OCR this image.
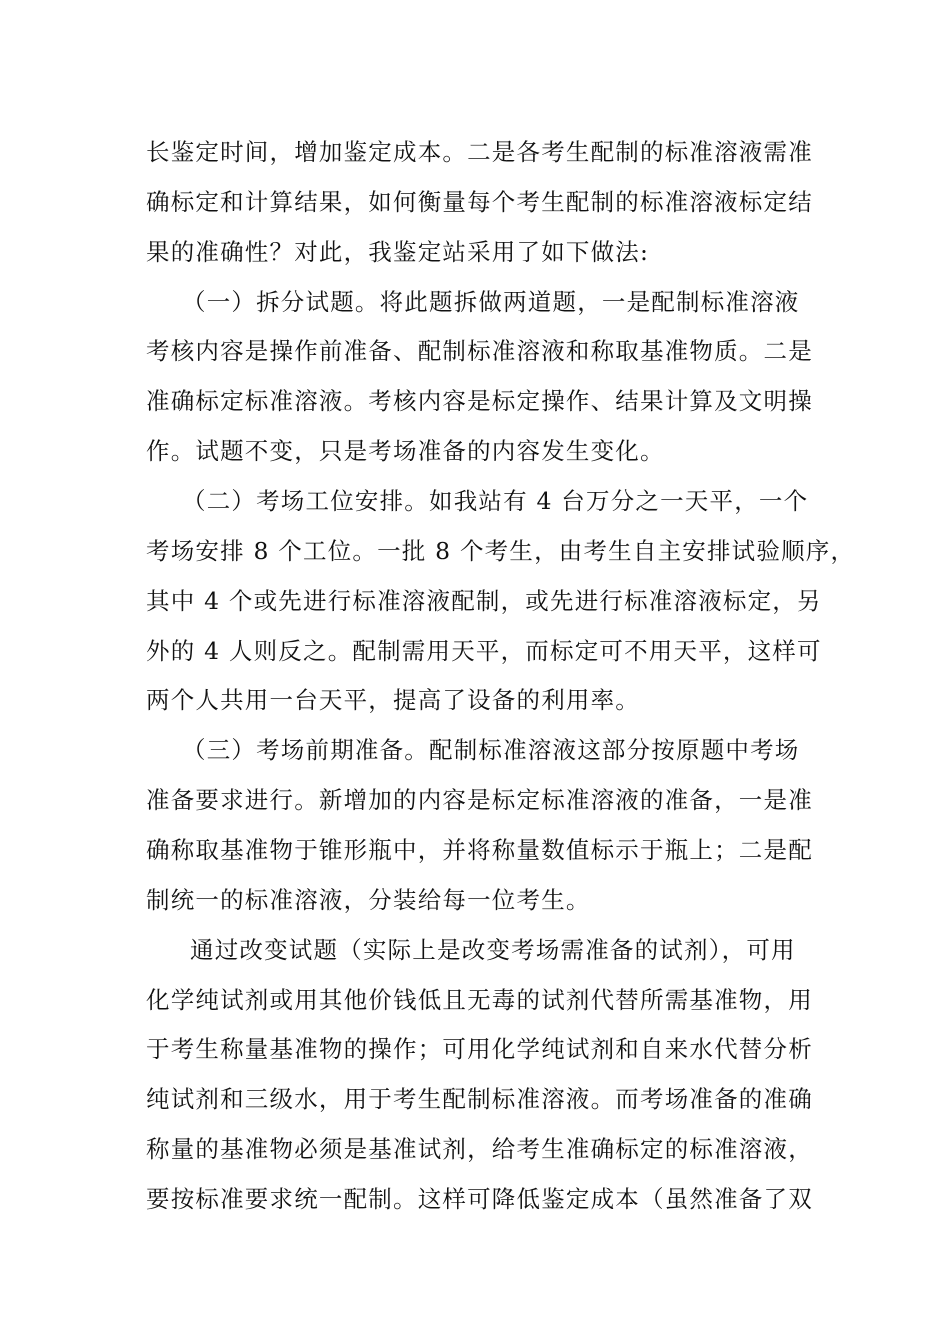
长鉴定时间，增加鉴定成本。二是各考生配制的标准溶液需准
确标定和计算结果，如何衡量每个考生配制的标准溶液标定结
果的准确性？对此，我鉴定站采用了如下做法:
（一）拆分试题。将此题拆做两道题，一是配制标准溶液
考核内容是操作前准备、配制标准溶液和称取基准物质。二是
准确标定标准溶液。考核内容是标定操作、结果计算及文明操
作。试题不变，只是考场准备的内容发生变化。
（二）考场工位安排。如我站有 4 台万分之一天平，一个
考场安排 8 个工位。一批 8 个考生，由考生自主安排试验顺序，
其中 4 个或先进行标准溶液配制，或先进行标准溶液标定，另
外的 4 人则反之。配制需用天平，而标定可不用天平，这样可
两个人共用一台天平，提高了设备的利用率。
（三）考场前期准备。配制标准溶液这部分按原题中考场
准备要求进行。新增加的内容是标定标准溶液的准备，一是准
确称取基准物于锥形瓶中，并将称量数值标示于瓶上；二是配
制统一的标准溶液，分装给每一位考生。
通过改变试题（实际上是改变考场需准备的试剂），可用
化学纯试剂或用其他价钱低且无毒的试剂代替所需基准物，用
于考生称量基准物的操作；可用化学纯试剂和自来水代替分析
纯试剂和三级水，用于考生配制标准溶液。而考场准备的准确
称量的基准物必须是基准试剂，给考生准确标定的标准溶液，
要按标准要求统一配制。这样可降低鉴定成本（虽然准备了双
